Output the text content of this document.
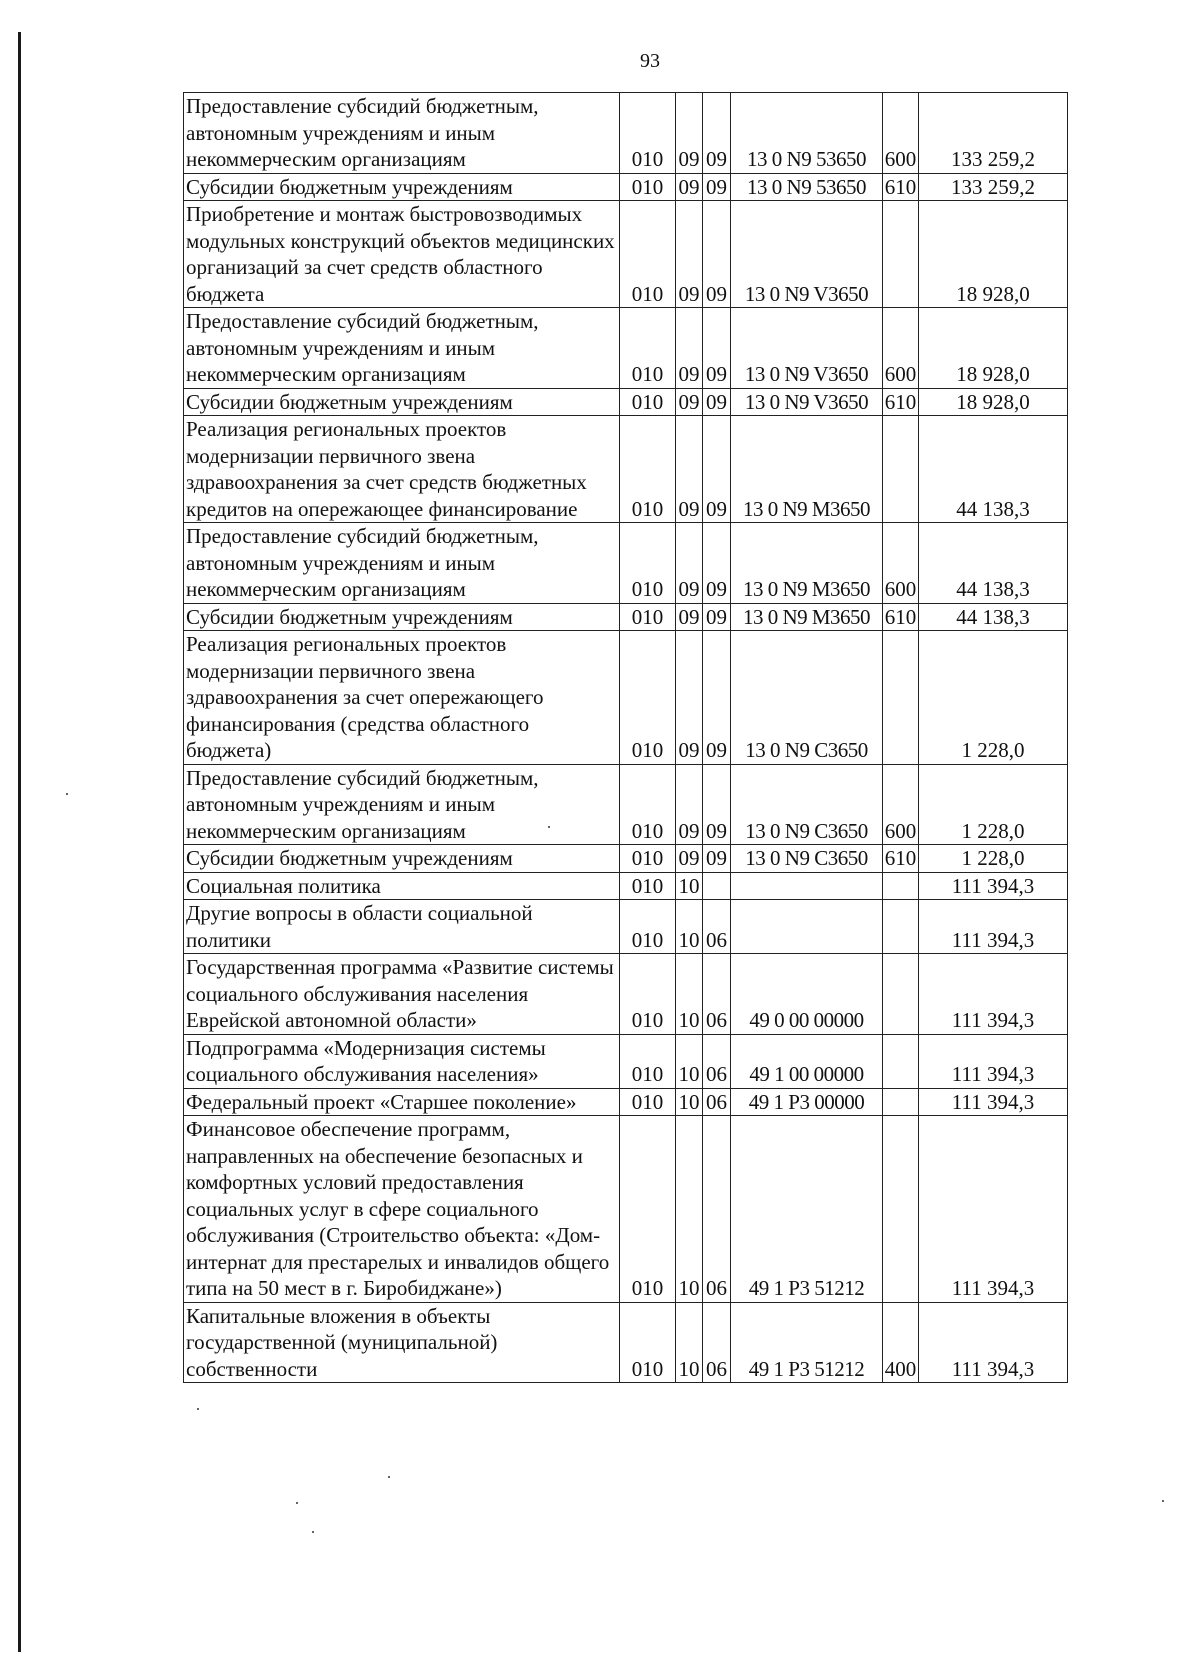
93
Предоставление субсидий бюджетным, автономным учреждениям и иным некоммерческим организациям	010	09	09	13 0 N9 53650	600	133 259,2
Субсидии бюджетным учреждениям	010	09	09	13 0 N9 53650	610	133 259,2
Приобретение и монтаж быстровозводимых модульных конструкций объектов медицинских организаций за счет средств областного бюджета	010	09	09	13 0 N9 V3650		18 928,0
Предоставление субсидий бюджетным, автономным учреждениям и иным некоммерческим организациям	010	09	09	13 0 N9 V3650	600	18 928,0
Субсидии бюджетным учреждениям	010	09	09	13 0 N9 V3650	610	18 928,0
Реализация региональных проектов модернизации первичного звена здравоохранения за счет средств бюджетных кредитов на опережающее финансирование	010	09	09	13 0 N9 M3650		44 138,3
Предоставление субсидий бюджетным, автономным учреждениям и иным некоммерческим организациям	010	09	09	13 0 N9 M3650	600	44 138,3
Субсидии бюджетным учреждениям	010	09	09	13 0 N9 M3650	610	44 138,3
Реализация региональных проектов модернизации первичного звена здравоохранения за счет опережающего финансирования (средства областного бюджета)	010	09	09	13 0 N9 C3650		1 228,0
Предоставление субсидий бюджетным, автономным учреждениям и иным некоммерческим организациям	010	09	09	13 0 N9 C3650	600	1 228,0
Субсидии бюджетным учреждениям	010	09	09	13 0 N9 C3650	610	1 228,0
Социальная политика	010	10				111 394,3
Другие вопросы в области социальной политики	010	10	06			111 394,3
Государственная программа «Развитие системы социального обслуживания населения Еврейской автономной области»	010	10	06	49 0 00 00000		111 394,3
Подпрограмма «Модернизация системы социального обслуживания населения»	010	10	06	49 1 00 00000		111 394,3
Федеральный проект «Старшее поколение»	010	10	06	49 1 P3 00000		111 394,3
Финансовое обеспечение программ, направленных на обеспечение безопасных и комфортных условий предоставления социальных услуг в сфере социального обслуживания (Строительство объекта: «Дом-интернат для престарелых и инвалидов общего типа на 50 мест в г. Биробиджане»)	010	10	06	49 1 P3 51212		111 394,3
Капитальные вложения в объекты государственной (муниципальной) собственности	010	10	06	49 1 P3 51212	400	111 394,3
